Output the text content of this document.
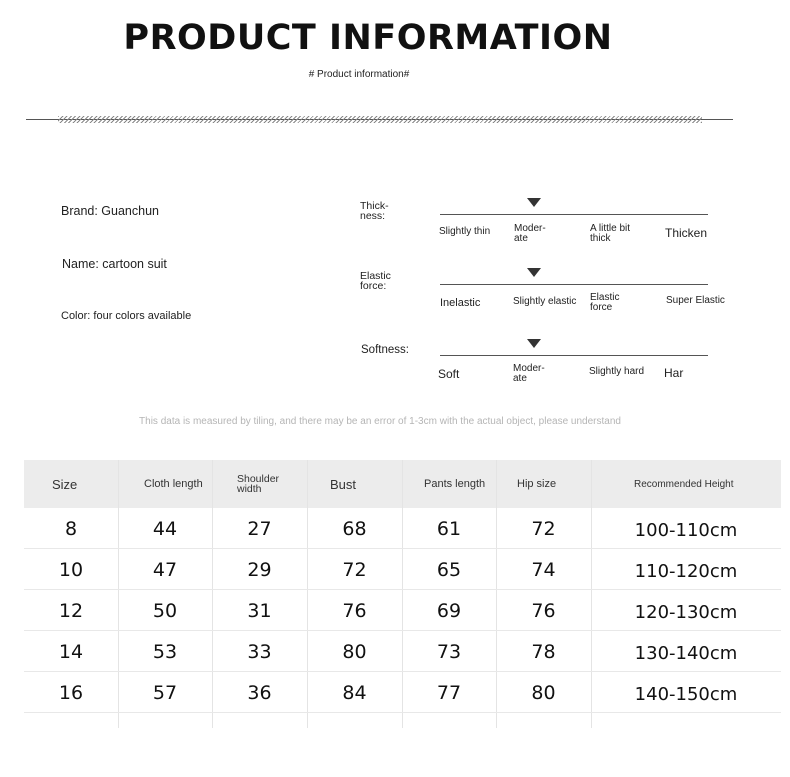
PRODUCT INFORMATION
# Product information#
Brand: Guanchun
Name: cartoon suit
Color: four colors available
Thick-
ness:
Slightly thin Moder-
ate
A little bit
thick	Thicken
Elastic
force:
Inelastic	Slightly elastic Elastic
force
Super Elastic
Softness:
Soft	Moder-
ate
Slightly hard Har
This data is measured by tiling, and there may be an error of 1-3cm with the actual object, please understand
Size	Cloth length	Shoulder
width	Bust	Pants length	Hip size	Recommended Height
8	44	27	68	61	72	100-110cm
10	47	29	72	65	74	110-120cm
12	50	31	76	69	76	120-130cm
14	53	33	80	73	78	130-140cm
16	57	36	84	77	80	140-150cm
